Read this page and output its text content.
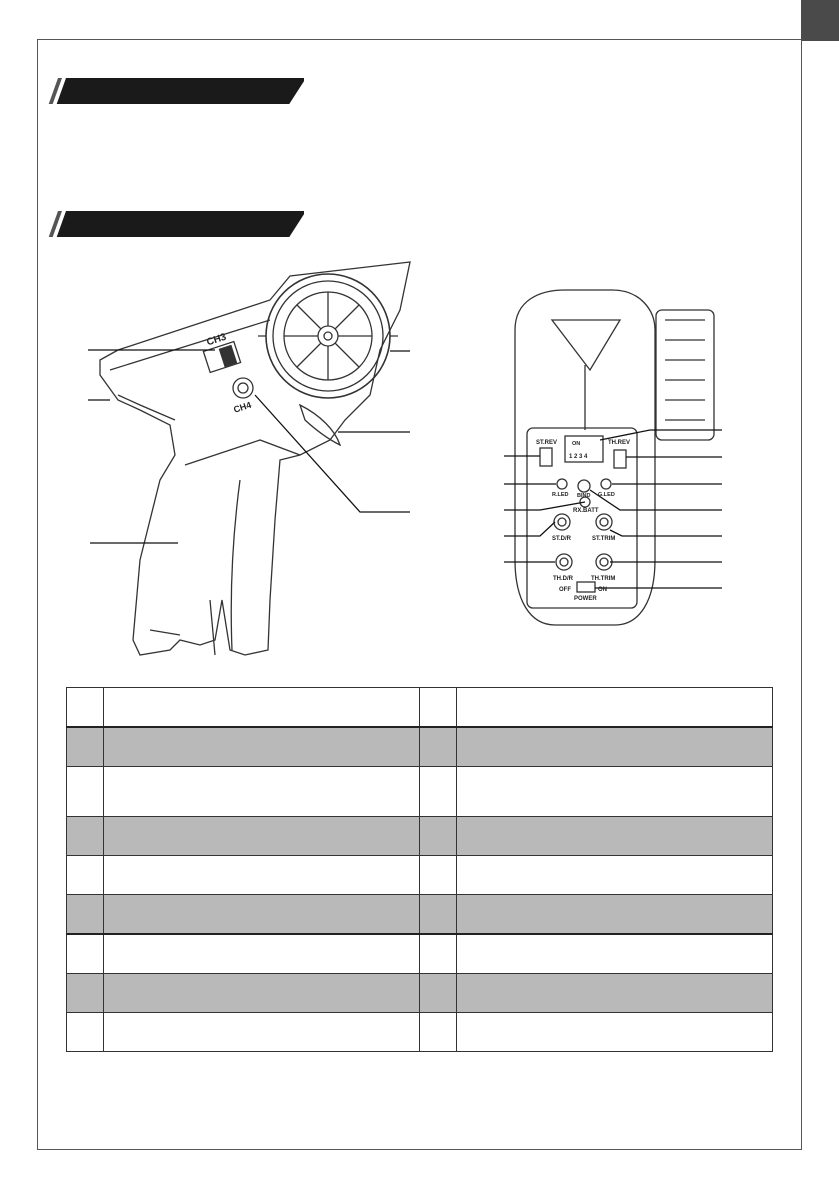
CH3
CH4
ST.REV	TH.REV
ON
1 2 3 4
R.LED	G.LED
BIND
RX.BATT
ST.D/R	ST.TRIM
TH.D/R	TH.TRIM
OFF	ON
POWER
